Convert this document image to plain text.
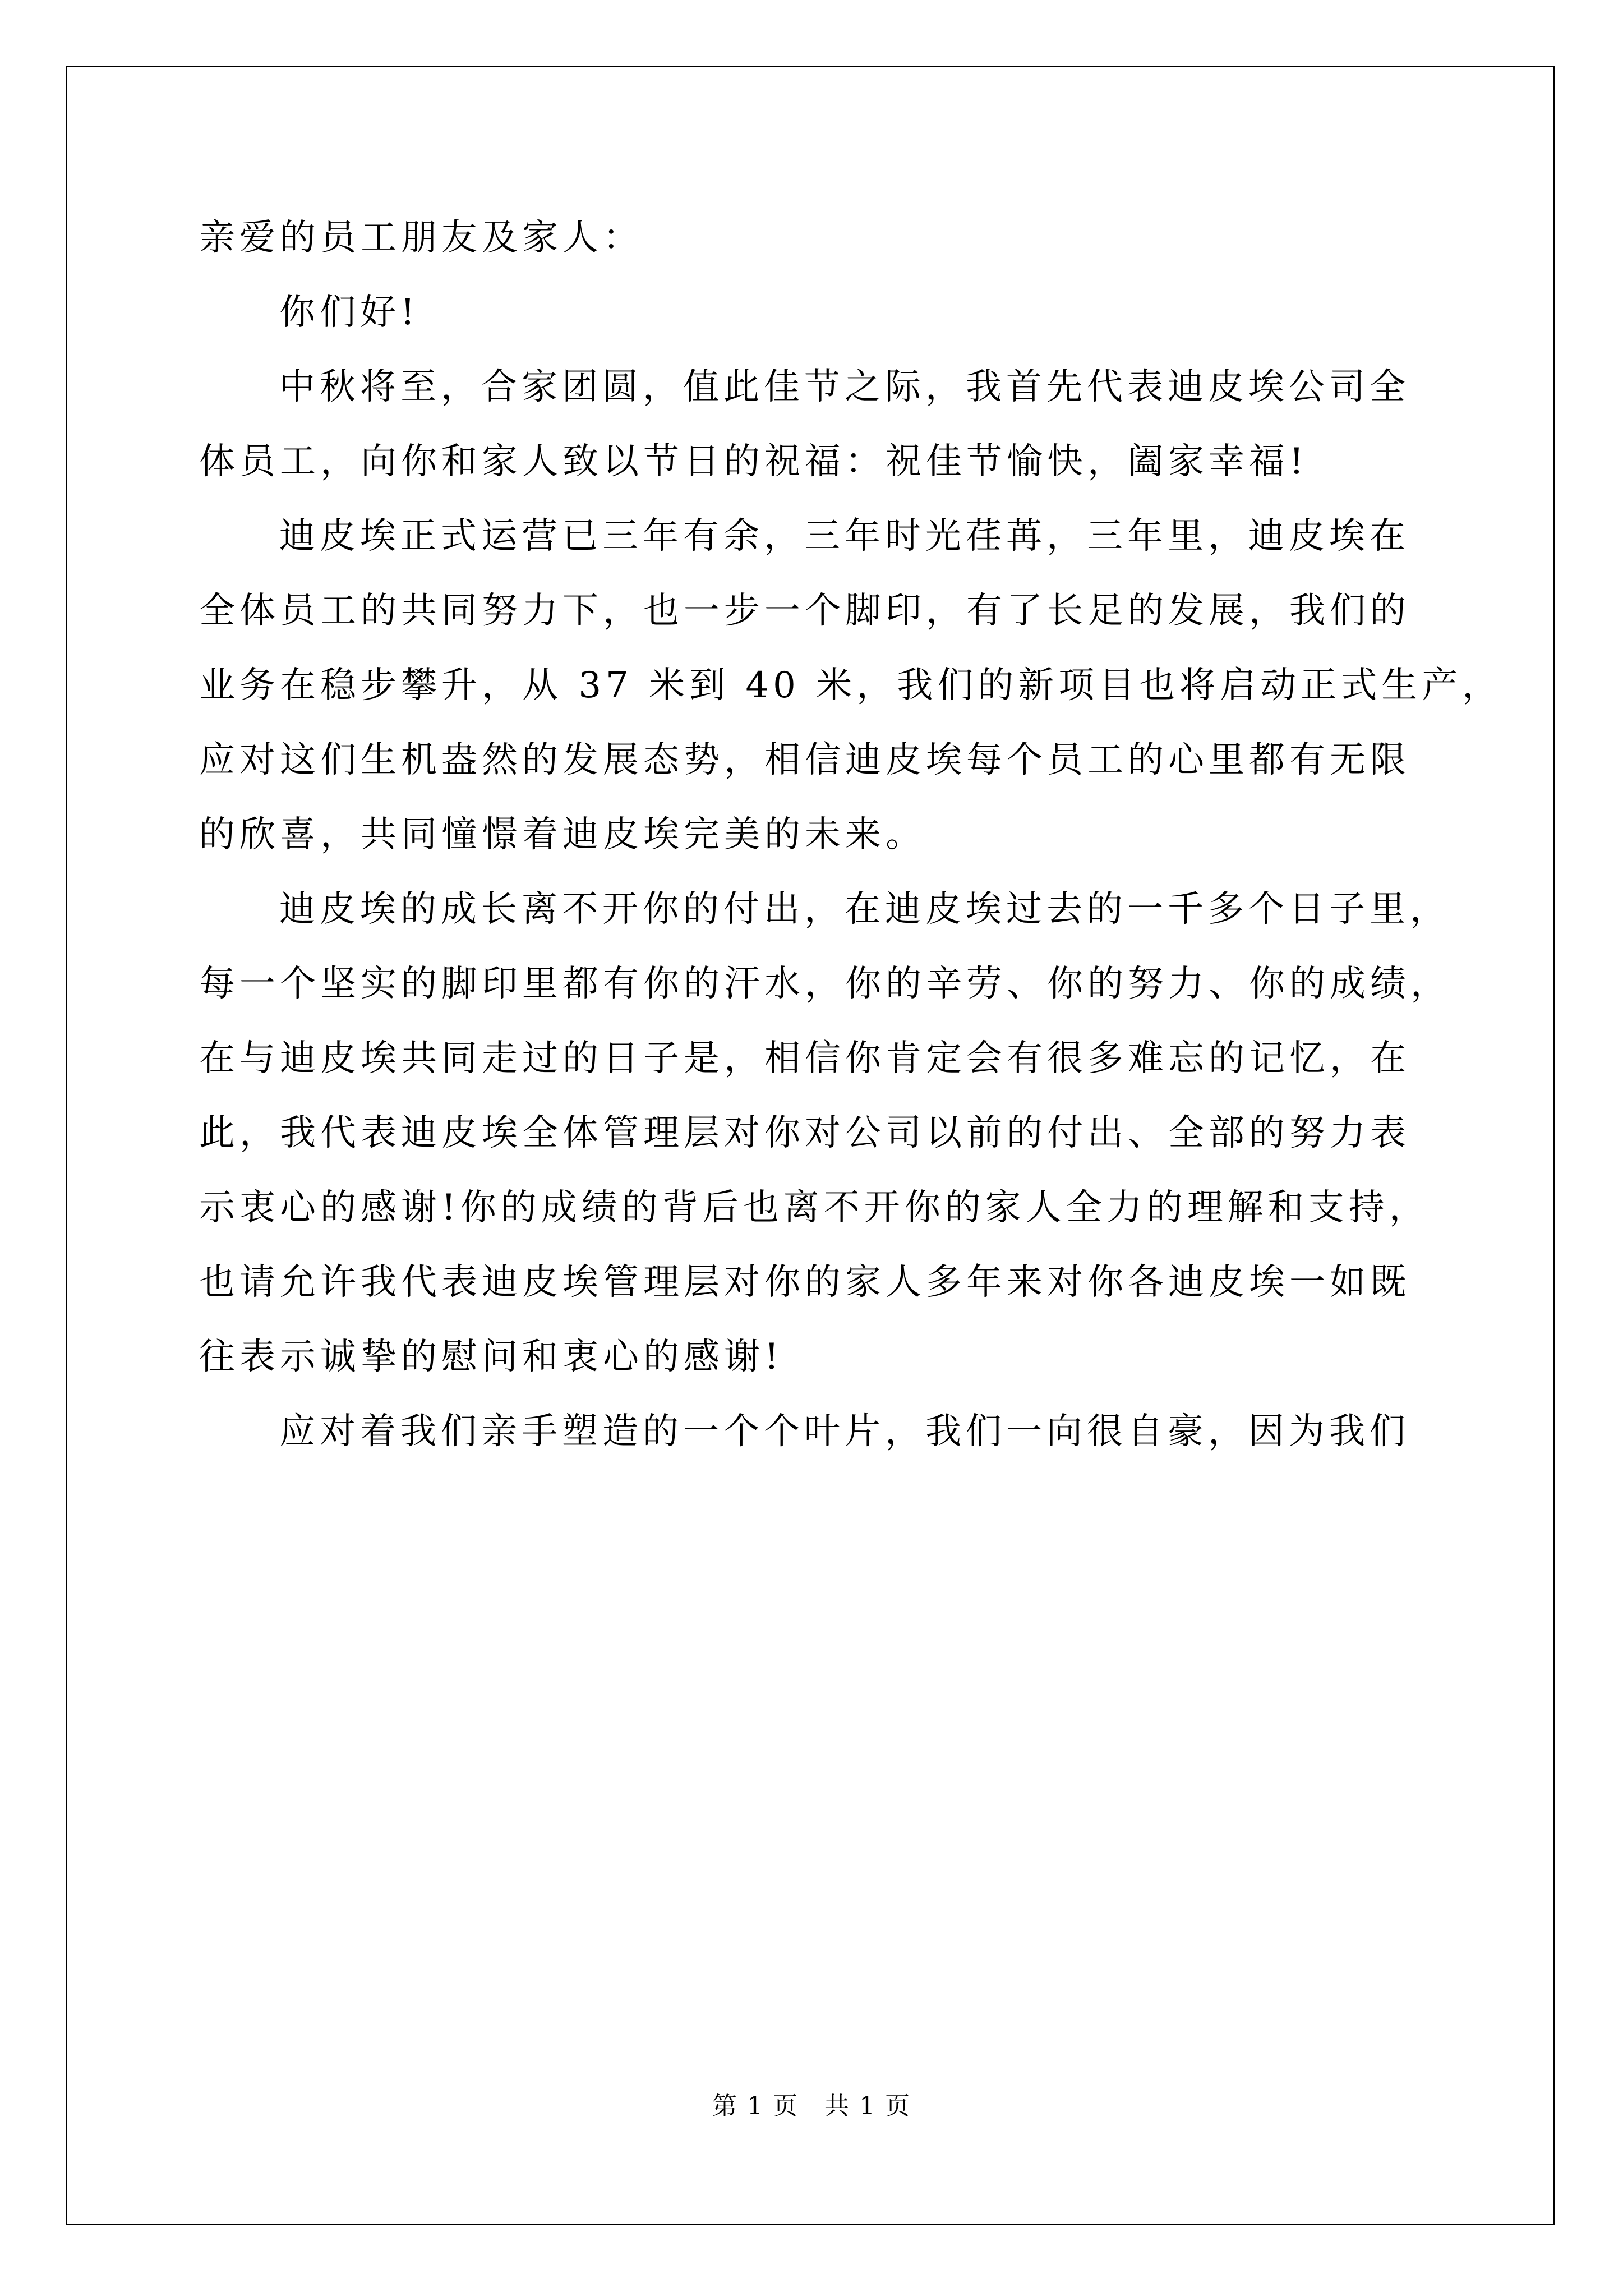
亲爱的员工朋友及家人：
你们好!
中秋将至，合家团圆，值此佳节之际，我首先代表迪皮埃公司全
体员工，向你和家人致以节日的祝福：祝佳节愉快，阖家幸福!
迪皮埃正式运营已三年有余，三年时光荏苒，三年里，迪皮埃在
全体员工的共同努力下，也一步一个脚印，有了长足的发展，我们的
业务在稳步攀升，从 37 米到 40 米，我们的新项目也将启动正式生产，
应对这们生机盎然的发展态势，相信迪皮埃每个员工的心里都有无限
的欣喜，共同憧憬着迪皮埃完美的未来。
迪皮埃的成长离不开你的付出，在迪皮埃过去的一千多个日子里，
每一个坚实的脚印里都有你的汗水，你的辛劳、你的努力、你的成绩，
在与迪皮埃共同走过的日子是，相信你肯定会有很多难忘的记忆，在
此，我代表迪皮埃全体管理层对你对公司以前的付出、全部的努力表
示衷心的感谢!你的成绩的背后也离不开你的家人全力的理解和支持，
也请允许我代表迪皮埃管理层对你的家人多年来对你各迪皮埃一如既
往表示诚挚的慰问和衷心的感谢!
应对着我们亲手塑造的一个个叶片，我们一向很自豪，因为我们
第 1 页　共 1 页
